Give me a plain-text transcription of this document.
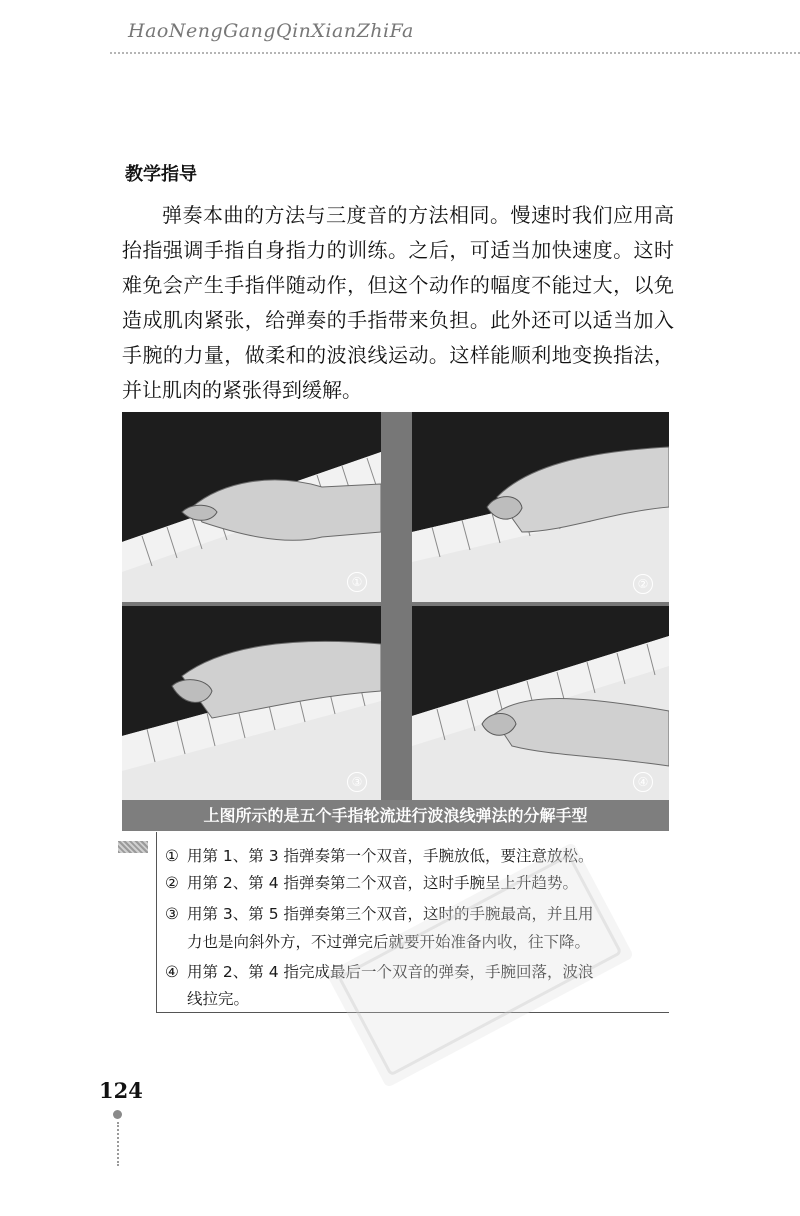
HaoNengGangQinXianZhiFa
教学指导
弹奏本曲的方法与三度音的方法相同。慢速时我们应用高抬指强调手指自身指力的训练。之后，可适当加快速度。这时难免会产生手指伴随动作，但这个动作的幅度不能过大，以免造成肌肉紧张，给弹奏的手指带来负担。此外还可以适当加入手腕的力量，做柔和的波浪线运动。这样能顺利地变换指法，并让肌肉的紧张得到缓解。
①	②
③	④
上图所示的是五个手指轮流进行波浪线弹法的分解手型
① 用第 1、第 3 指弹奏第一个双音，手腕放低，要注意放松。
② 用第 2、第 4 指弹奏第二个双音，这时手腕呈上升趋势。
③ 用第 3、第 5 指弹奏第三个双音，这时的手腕最高，并且用
力也是向斜外方，不过弹完后就要开始准备内收，往下降。
④ 用第 2、第 4 指完成最后一个双音的弹奏，手腕回落，波浪
线拉完。
124
